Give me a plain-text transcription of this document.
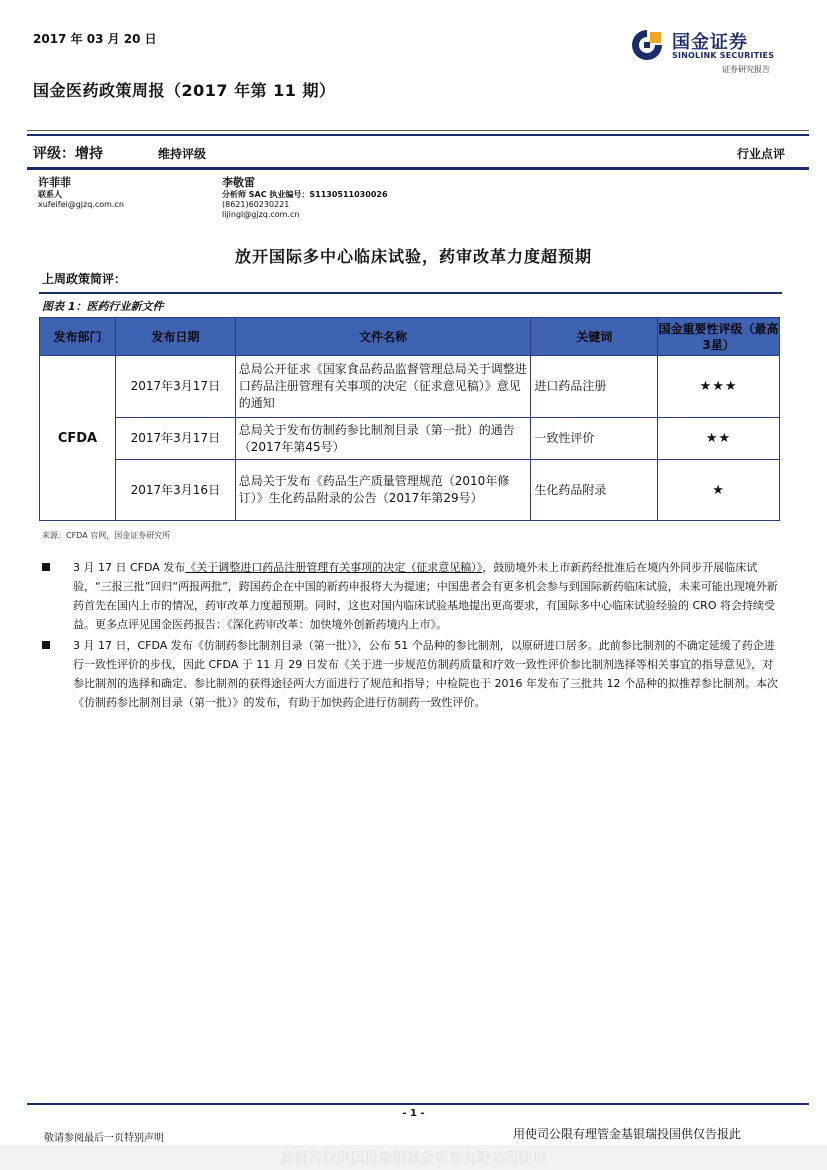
2017 年 03 月 20 日
国金医药政策周报（2017 年第 11 期）
国金证券
SINOLINK SECURITIES
证券研究报告
评级：增持	维持评级	行业点评
许菲菲
联系人
xufeifei@gjzq.com.cn
李敬雷
分析师 SAC 执业编号：S1130511030026
(8621)60230221
lijingl@gjzq.com.cn
放开国际多中心临床试验，药审改革力度超预期
上周政策简评：
图表 1：医药行业新文件
发布部门	发布日期	文件名称	关键词	国金重要性评级（最高3星）
CFDA	2017年3月17日	总局公开征求《国家食品药品监督管理总局关于调整进口药品注册管理有关事项的决定（征求意见稿）》意见的通知	进口药品注册	★★★
	2017年3月17日	总局关于发布仿制药参比制剂目录（第一批）的通告（2017年第45号）	一致性评价	★★
	2017年3月16日	总局关于发布《药品生产质量管理规范（2010年修订）》生化药品附录的公告（2017年第29号）	生化药品附录	★
来源：CFDA 官网，国金证券研究所
3 月 17 日 CFDA 发布《关于调整进口药品注册管理有关事项的决定（征求意见稿）》，鼓励境外未上市新药经批准后在境内外同步开展临床试验，“三报三批”回归“两报两批”，跨国药企在中国的新药申报将大为提速；中国患者会有更多机会参与到国际新药临床试验，未来可能出现境外新药首先在国内上市的情况，药审改革力度超预期。同时，这也对国内临床试验基地提出更高要求，有国际多中心临床试验经验的 CRO 将会持续受益。更多点评见国金医药报告：《深化药审改革：加快境外创新药境内上市》。
3 月 17 日，CFDA 发布《仿制药参比制剂目录（第一批）》，公布 51 个品种的参比制剂，以原研进口居多。此前参比制剂的不确定延缓了药企进行一致性评价的步伐，因此 CFDA 于 11 月 29 日发布《关于进一步规范仿制药质量和疗效一致性评价参比制剂选择等相关事宜的指导意见》，对参比制剂的选择和确定、参比制剂的获得途径两大方面进行了规范和指导；中检院也于 2016 年发布了三批共 12 个品种的拟推荐参比制剂。本次《仿制药参比制剂目录（第一批）》的发布，有助于加快药企进行仿制药一致性评价。
- 1 -
敬请参阅最后一页特别声明	用使司公限有理管金基银瑞投国供仅告报此
此报告仅供国投瑞银基金管理有限公司使用
